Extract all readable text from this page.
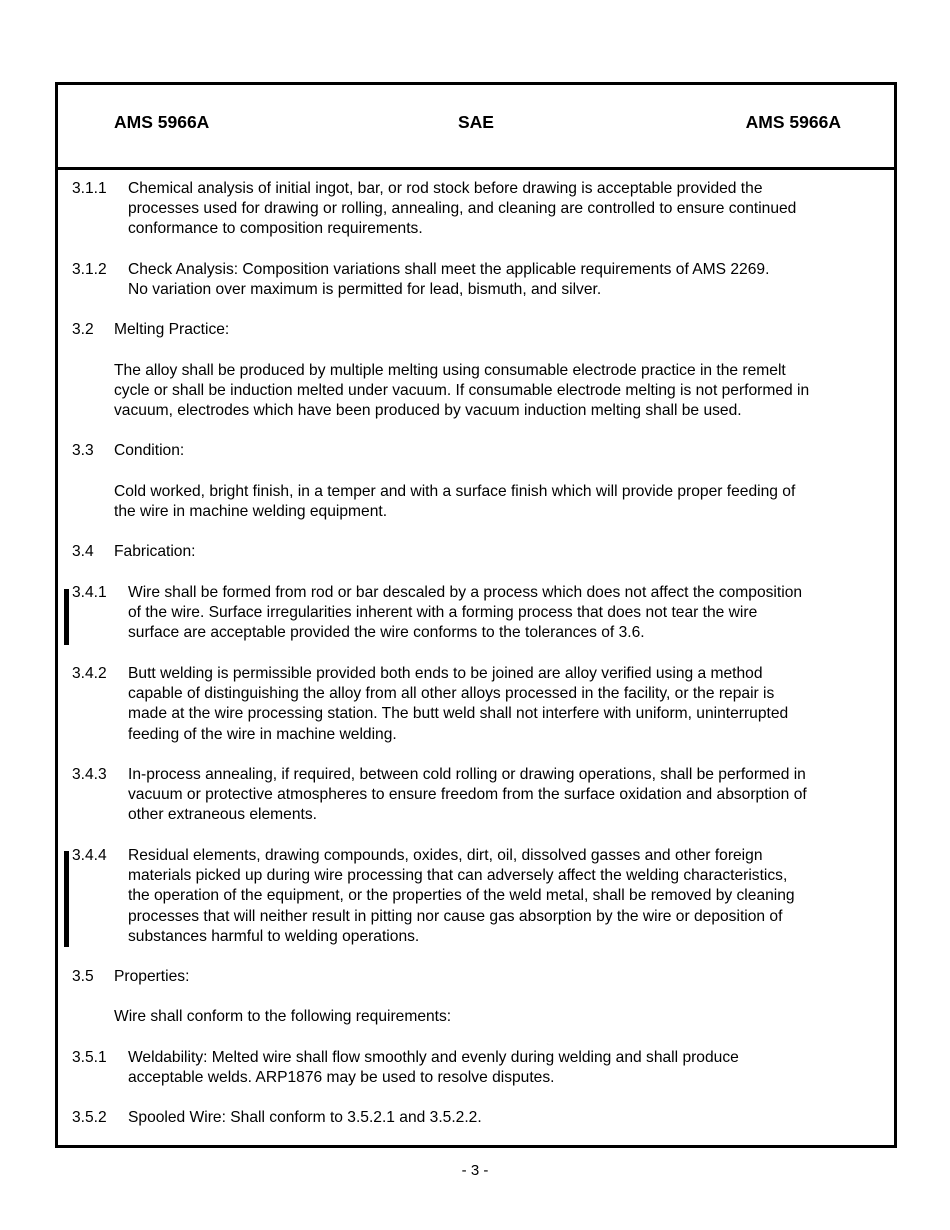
AMS 5966A	SAE	AMS 5966A
3.1.1 Chemical analysis of initial ingot, bar, or rod stock before drawing is acceptable provided the
processes used for drawing or rolling, annealing, and cleaning are controlled to ensure continued
conformance to composition requirements.
3.1.2 Check Analysis: Composition variations shall meet the applicable requirements of AMS 2269.
No variation over maximum is permitted for lead, bismuth, and silver.
3.2 Melting Practice:
The alloy shall be produced by multiple melting using consumable electrode practice in the remelt
cycle or shall be induction melted under vacuum. If consumable electrode melting is not performed in
vacuum, electrodes which have been produced by vacuum induction melting shall be used.
3.3 Condition:
Cold worked, bright finish, in a temper and with a surface finish which will provide proper feeding of
the wire in machine welding equipment.
3.4 Fabrication:
3.4.1 Wire shall be formed from rod or bar descaled by a process which does not affect the composition
of the wire. Surface irregularities inherent with a forming process that does not tear the wire
surface are acceptable provided the wire conforms to the tolerances of 3.6.
3.4.2 Butt welding is permissible provided both ends to be joined are alloy verified using a method
capable of distinguishing the alloy from all other alloys processed in the facility, or the repair is
made at the wire processing station. The butt weld shall not interfere with uniform, uninterrupted
feeding of the wire in machine welding.
3.4.3 In-process annealing, if required, between cold rolling or drawing operations, shall be performed in
vacuum or protective atmospheres to ensure freedom from the surface oxidation and absorption of
other extraneous elements.
3.4.4 Residual elements, drawing compounds, oxides, dirt, oil, dissolved gasses and other foreign
materials picked up during wire processing that can adversely affect the welding characteristics,
the operation of the equipment, or the properties of the weld metal, shall be removed by cleaning
processes that will neither result in pitting nor cause gas absorption by the wire or deposition of
substances harmful to welding operations.
3.5 Properties:
Wire shall conform to the following requirements:
3.5.1 Weldability: Melted wire shall flow smoothly and evenly during welding and shall produce
acceptable welds. ARP1876 may be used to resolve disputes.
3.5.2 Spooled Wire: Shall conform to 3.5.2.1 and 3.5.2.2.
- 3 -
